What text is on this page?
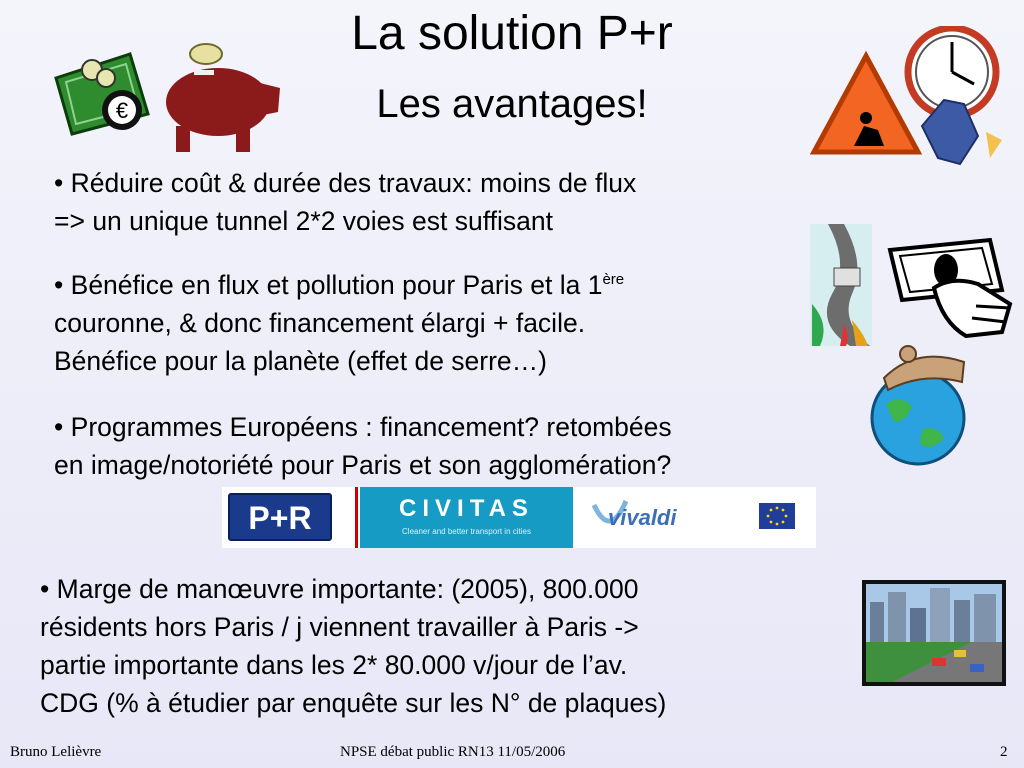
La solution P+r
Les avantages!
€
• Réduire coût & durée des travaux: moins de flux
=> un unique tunnel 2*2 voies est suffisant
• Bénéfice en flux et pollution pour Paris et la 1ère
couronne, & donc financement élargi + facile.
Bénéfice pour la planète (effet de serre…)
• Programmes Européens : financement? retombées
en image/notoriété pour Paris et son agglomération?
P+R	CIVITAS
Cleaner and better transport in cities
vivaldi
• Marge de manœuvre importante: (2005), 800.000
résidents hors Paris / j viennent travailler à Paris ->
partie importante dans les 2* 80.000 v/jour de l’av.
CDG (% à étudier par enquête sur les N° de plaques)
Bruno Lelièvre	NPSE débat public RN13 11/05/2006	2
